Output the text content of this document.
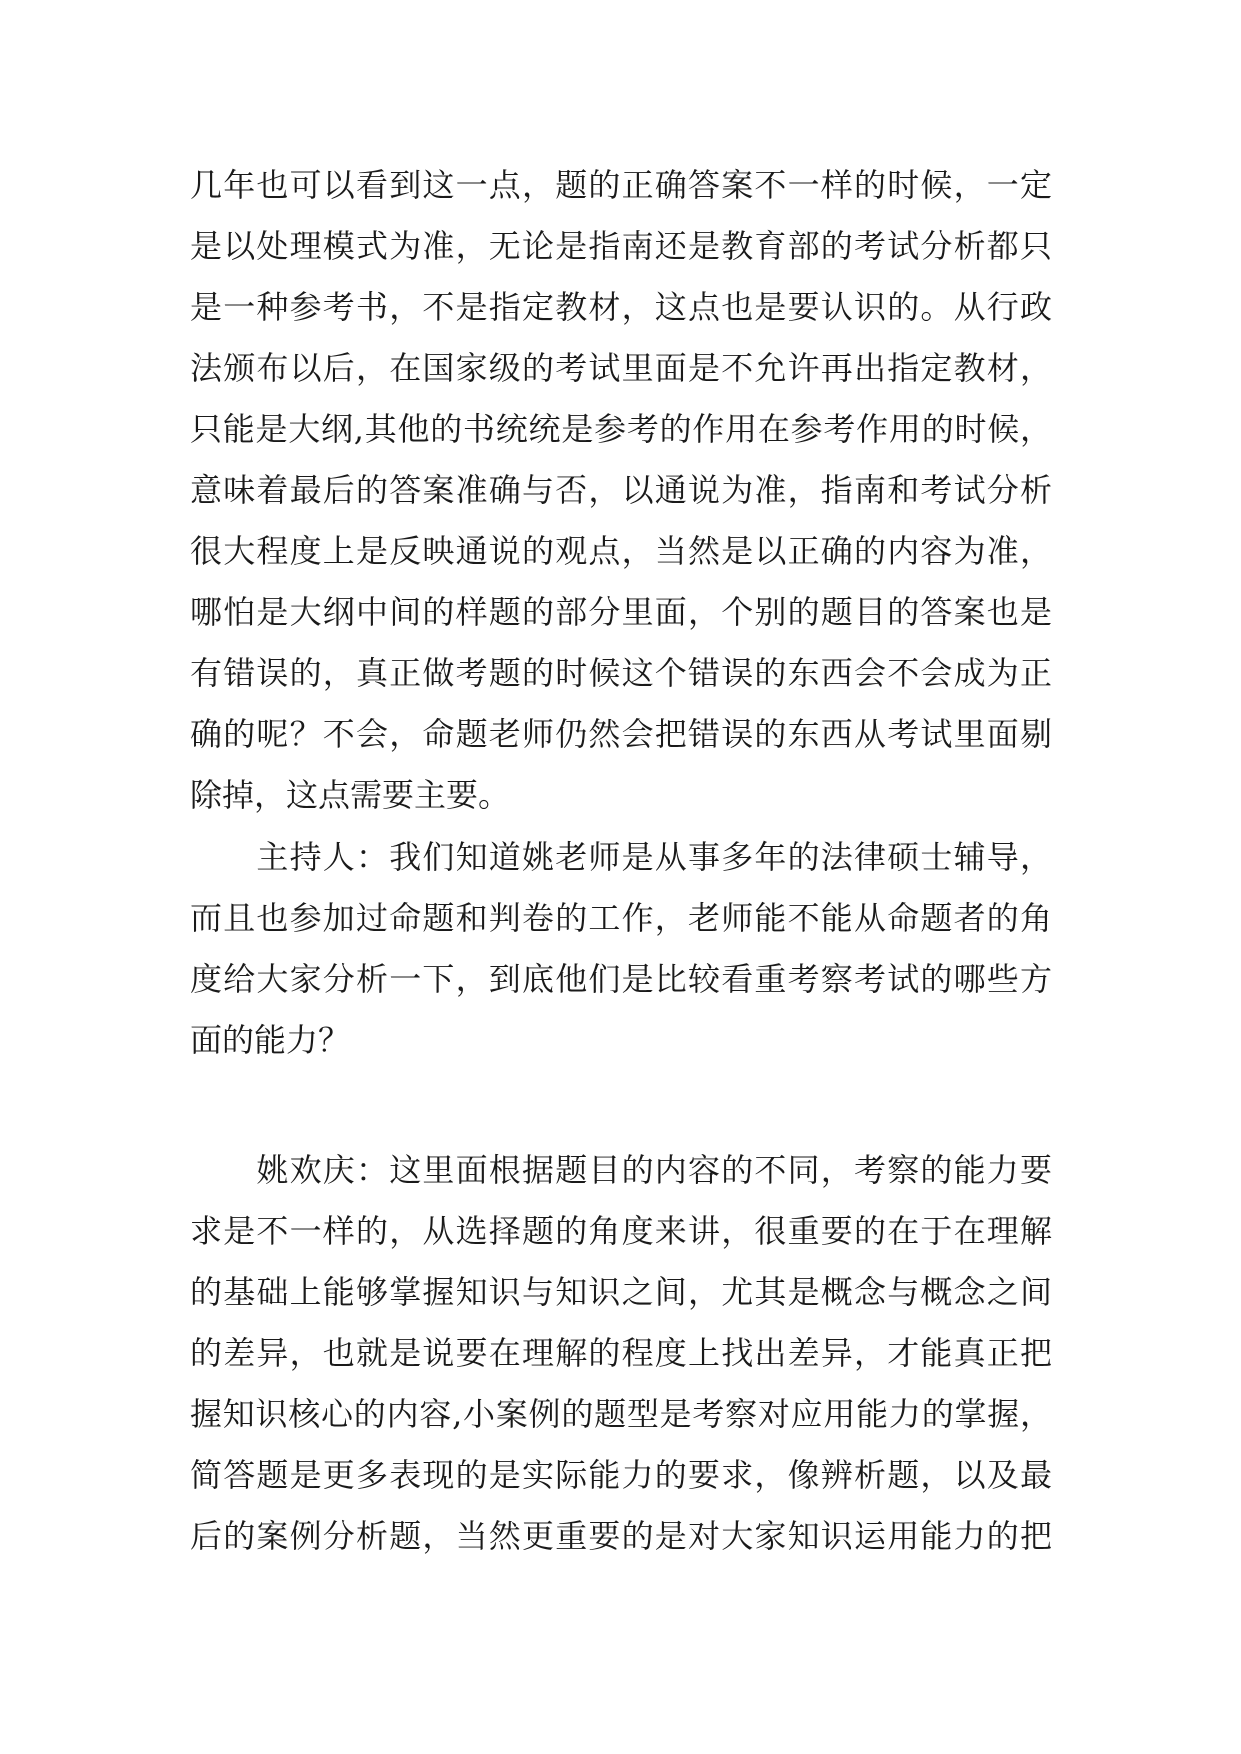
几年也可以看到这一点，题的正确答案不一样的时候，一定
是以处理模式为准，无论是指南还是教育部的考试分析都只
是一种参考书，不是指定教材，这点也是要认识的。从行政
法颁布以后，在国家级的考试里面是不允许再出指定教材，
只能是大纲,其他的书统统是参考的作用在参考作用的时候，
意味着最后的答案准确与否，以通说为准，指南和考试分析
很大程度上是反映通说的观点，当然是以正确的内容为准，
哪怕是大纲中间的样题的部分里面，个别的题目的答案也是
有错误的，真正做考题的时候这个错误的东西会不会成为正
确的呢？不会，命题老师仍然会把错误的东西从考试里面剔
除掉，这点需要主要。
　　主持人：我们知道姚老师是从事多年的法律硕士辅导，
而且也参加过命题和判卷的工作，老师能不能从命题者的角
度给大家分析一下，到底他们是比较看重考察考试的哪些方
面的能力？
　　姚欢庆：这里面根据题目的内容的不同，考察的能力要
求是不一样的，从选择题的角度来讲，很重要的在于在理解
的基础上能够掌握知识与知识之间，尤其是概念与概念之间
的差异，也就是说要在理解的程度上找出差异，才能真正把
握知识核心的内容,小案例的题型是考察对应用能力的掌握，
简答题是更多表现的是实际能力的要求，像辨析题，以及最
后的案例分析题，当然更重要的是对大家知识运用能力的把
